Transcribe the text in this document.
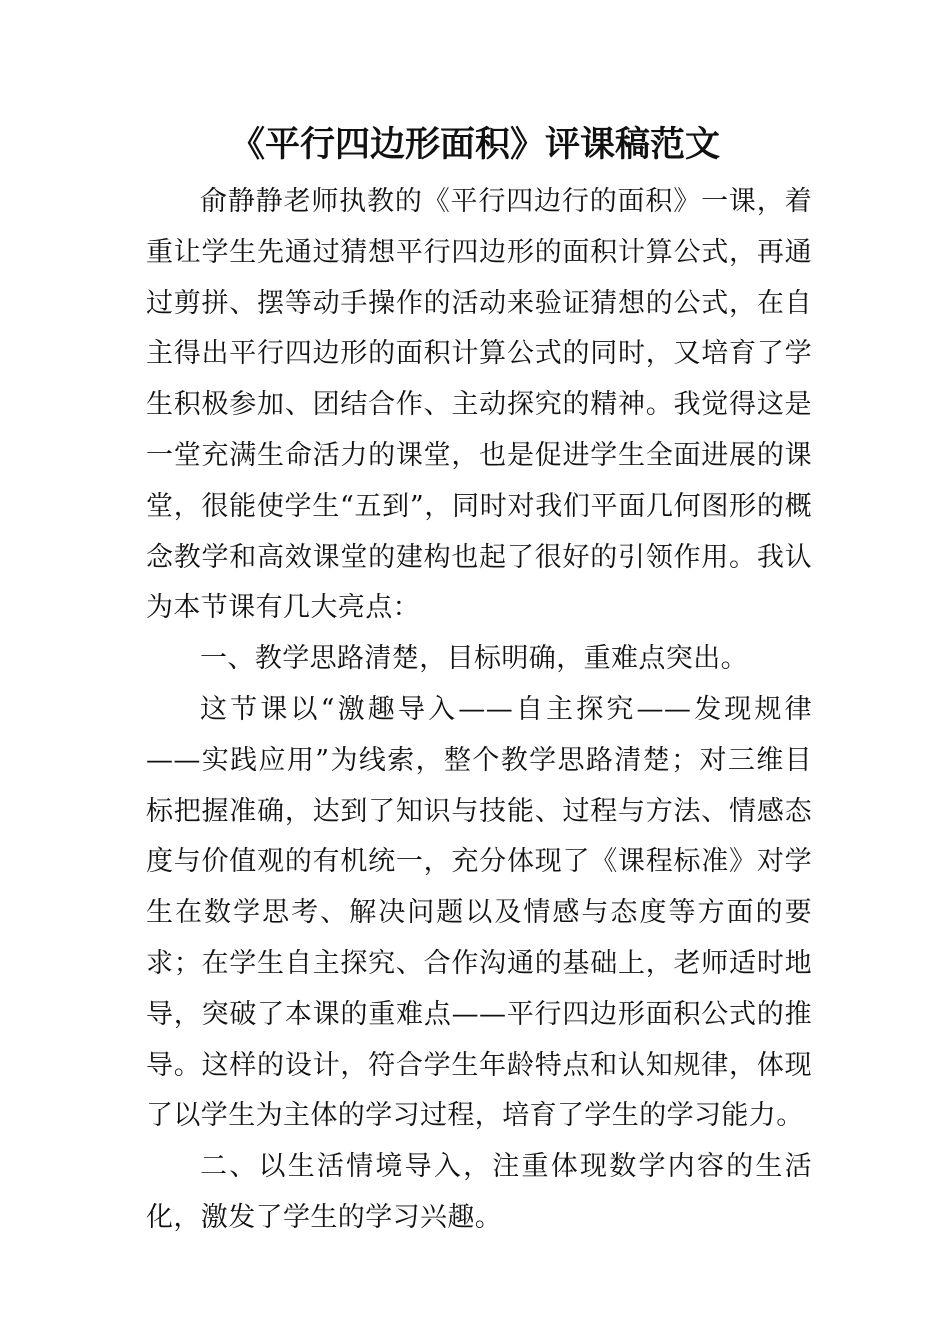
《平行四边形面积》评课稿范文

俞静静老师执教的《平行四边行的面积》一课，着重让学生先通过猜想平行四边形的面积计算公式，再通过剪拼、摆等动手操作的活动来验证猜想的公式，在自主得出平行四边形的面积计算公式的同时，又培育了学生积极参加、团结合作、主动探究的精神。我觉得这是一堂充满生命活力的课堂，也是促进学生全面进展的课堂，很能使学生“五到”，同时对我们平面几何图形的概念教学和高效课堂的建构也起了很好的引领作用。我认为本节课有几大亮点：

一、教学思路清楚，目标明确，重难点突出。

这节课以“激趣导入——自主探究——发现规律——实践应用”为线索，整个教学思路清楚；对三维目标把握准确，达到了知识与技能、过程与方法、情感态度与价值观的有机统一，充分体现了《课程标准》对学生在数学思考、解决问题以及情感与态度等方面的要求；在学生自主探究、合作沟通的基础上，老师适时地导，突破了本课的重难点——平行四边形面积公式的推导。这样的设计，符合学生年龄特点和认知规律，体现了以学生为主体的学习过程，培育了学生的学习能力。

二、以生活情境导入，注重体现数学内容的生活化，激发了学生的学习兴趣。
